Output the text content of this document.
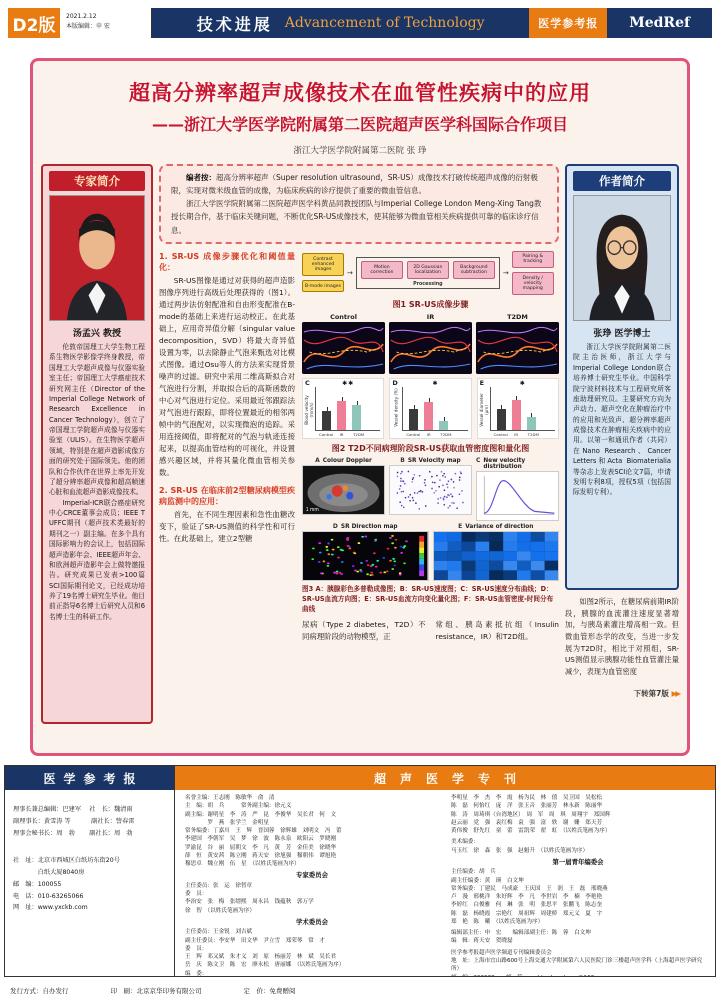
D2版	2021.2.12
本版编辑：申 宏	技术进展 Advancement of Technology	医学参考报	MedRef
超高分辨率超声成像技术在血管性疾病中的应用
——浙江大学医学院附属第二医院超声医学科国际合作项目
浙江大学医学院附属第二医院 张 琤
专家简介
汤孟兴 教授

伦敦帝国理工大学生物工程系生物医学影像学终身教授，帝国理工大学超声成像与仪器实验室主任；帝国理工大学癌症技术研究网主任（Director of the Imperial College Network of Research Excellence in Cancer Technology），创立了帝国理工学院超声成像与仪器实验室（ULIS）。在生物医学超声领域，特别是在超声造影成像方面的研究处于国际领先。他的团队和合作伙伴在世界上率先开发了超分辨率超声成像和超高帧速心脏和血流超声造影成像技术。

Imperial-ICR联合癌症研究中心CRCE董事会成员；IEEE T UFFC期刊（超声技术类最好的期刊之一）副主编。在多个具有国际影响力的会议上，包括国际超声造影年会、IEEE超声年会、和欧洲超声造影年会上做特邀报告。研究成果已发表>100篇SCI国际期刊论文，已经成功培养了19名博士研究生毕业。他目前正指导6名博士后研究人员和6名博士生的科研工作。

编者按：超高分辨率超声（Super resolution ultrasound，SR-US）成像技术打破传统超声成像的衍射极限，实现对微米级血管的成像，为临床疾病的诊疗提供了重要的微血管信息。

浙江大学医学院附属第二医院超声医学科黄品同教授团队与Imperial College London Meng-Xing Tang教授长期合作，基于临床关键问题，不断优化SR-US成像技术，使其能够为微血管相关疾病提供可靠的临床诊疗信息。

1. SR-US 成像步骤优化和阈值量化：

SR-US图像是通过对获得的超声造影图像序列进行高级后处理获得的（图1）。通过两步法仿射配准和自由形变配准在B-mode的基础上来进行运动校正。在此基础上，应用奇异值分解（singular value decomposition，SVD）将最大奇异值设置为零，以去除静止气泡来甄选对比模式图像。通过Osu等人的方法来实现背景噪声的过滤。研究中采用二维高斯拟合对气泡进行分割，并取拟合后的高斯函数的中心对气泡进行定位。采用最近邻跟踪法对气泡进行跟踪，即将位置最近的相邻两帧中的气泡配对，以实现微泡的追踪。采用连接阈值，即将配对的气泡与轨迹连接起来，以提高血管结构的可视化，并设置感兴趣区域，并将其量化微血管相关参数。

2. SR-US 在临床前2型糖尿病模型疾病监测中的应用：

首先，在不同生理因素和急性血糖改变下，验证了SR-US测值的科学性和可行性。在此基础上，建立2型糖

Contrast enhanced images
B-mode images
→
Motion correction
2D Gaussian localization
Background subtraction
Processing
→
Pairing & tracking
Density / velocity mapping
图1 SR-US成像步骤
Control	IR	T2DM
C
Blood velocity (mm/s)
✱✱
Control	IR	T2DM
D
Vessel density (%)
✱
Control	IR	T2DM
E
Vessel diameter (μm)
✱
Control	IR	T2DM
图2 T2D不同病理阶段SR-US获取血管密度图和量化图
A Colour Doppler
1 mm
B SR Velocity map	C New velocity distribution
D SR Direction map	E Variance of direction
图3 A：胰腺彩色多普勒成像图；B：SR-US速度图；C：SR-US速度分布曲线；D：SR-US血流方向图；E：SR-US血流方向变化量化图；F：SR-US血管密度-时间分布曲线

尿病（Type 2 diabetes，T2D）不同病理阶段的动物模型，正

常组、胰岛素抵抗组（Insulin resistance，IR）和T2D组。

作者简介
张琤 医学博士

浙江大学医学院附属第二医院主治医师，浙江大学与Imperial College London联合培养博士研究生毕业。中国科学院宁波材料技术与工程研究所客座助理研究员。主要研究方向为声动力、超声空化在肿瘤治疗中的应用和光致声、超分辨率超声成像技术在肿瘤相关疾病中的应用。以第一和通讯作者（共同）在Nano Research、Cancer Letters和Acta Biomaterialia等杂志上发表SCI论文7篇，申请发明专利8项，授权5项（包括国际发明专利）。

如图2所示，在糖尿病前期IR阶段，胰腺的血流灌注速度显著增加，与胰岛素灌注增高相一致。但微血管形态学的改变，当进一步发展为T2D时，相比于对照组，SR-US测值显示胰腺功能性血管灌注量减少，表现为血管密度

下转第7版 ▶▶
医学参考报
理事长兼总编辑：巴建军　 社　长：魏清雨
副理事长：黄雪涛 等　　　 副社长：訾春雷
理事会秘书长：周　勃　　 副社长：周　勃
社　址：北京市西城区白纸坊东街20号
　　　　白纸大厦8040房
邮　编：100055
电　话：010-63265066
网　址：www.yxckb.com
超声医学专刊
名誉主编：王志刚　陈敏华　俞　清
主　编：胡　兵　　　常务副主编：徐元义
副主编：谢明星　李　涛　严　昆　李俊华　吴长君　何　文
　　　　罗　燕　张学兰　金明星
常务编委：丁嘉川　王　辉　晋国蓉　徐辉雄　刘明文　冯　蕾
李建国　李朝军　吴　梦　徐　波　陈永泉　欧阳云　罗晓刚
罗渝昆　谷　丽　屈朝文　李　凡　黄　芳　金佳美　徐晓华
薛　恒　黄安茜　陈立刚　蒋天安　徐旭强　穆朝伟　谭旭艳
穆思卓　魏立刚　伍　星　（以姓氏笔画为序）
专家委员会
主任委员：张　运　徐智章
委　员：
李治安　张　梅　张缙熙　周永昌　钱蕴秋　郭万学
徐　智　（以姓氏笔画为序）
学术委员会
主任委员：王金锐　刘吉斌
副主任委员：李安华　田文华　尹立雪　郑荣琴　常　才
委　员：
王　辉　邓又斌　朱才义　刘　原　杨丽芳　林　斌　吴长君
岳　庆　陈文卫　陈　宏　廖永松　唐丽娜　（以姓氏笔画为序）
编　委：
李明星　李　杰　李　霞　杨为民　林　僖　吴卫国　吴松松
陈　磊　何怡红　庞　洋　张玉音　张丽芳　林永新　陈丽华
陈　涛　周琦琪（台湾地区）　周　军　周　琪　周翔宇　郑国辉
赵云丽　党　强　袁红梅　袁　强　富　轶　谢　姗　郑天芳
黄伟俊　舒先红　童　蕾　雷凯荣　翟　虹　（以姓氏笔画为序）
美术编委：
马玉红　徐　森　张　强　赵魁升　（以姓氏笔画为序）
第一届青年编委会
主任编委：胡　兵
副主任编委：黄　瑛　白文坤
常务编委：丁建民　马成豪　王庆国　王　润　王　磊　邢晓燕
卢　漫　邢桃洋　朱好辉　李　凡　李世岩　李　楠　李艳艳
李婷红　白俊雅　何　琳　张　明　张思平　张鹏飞　陈志奎
陈　磊　杨晓霞　宗艳红　周祖辉　周建桥　郑元义　夏　宇
郑　艳　陈　曦　（以姓氏笔画为序）
编辑部主任：申　宏　　编辑部副主任：陈　蓉　白文坤
编　辑：蒋天安　贺晓磊
医学参考报超声医学频道专刊编辑委员会
地　址：上海市宜山路600号上海交通大学附属第六人民医院门诊三楼超声医学科（上海超声医学研究所）
发行方式：自办发行	印　刷：北京京华印务有限公司	定　价：免费赠阅
